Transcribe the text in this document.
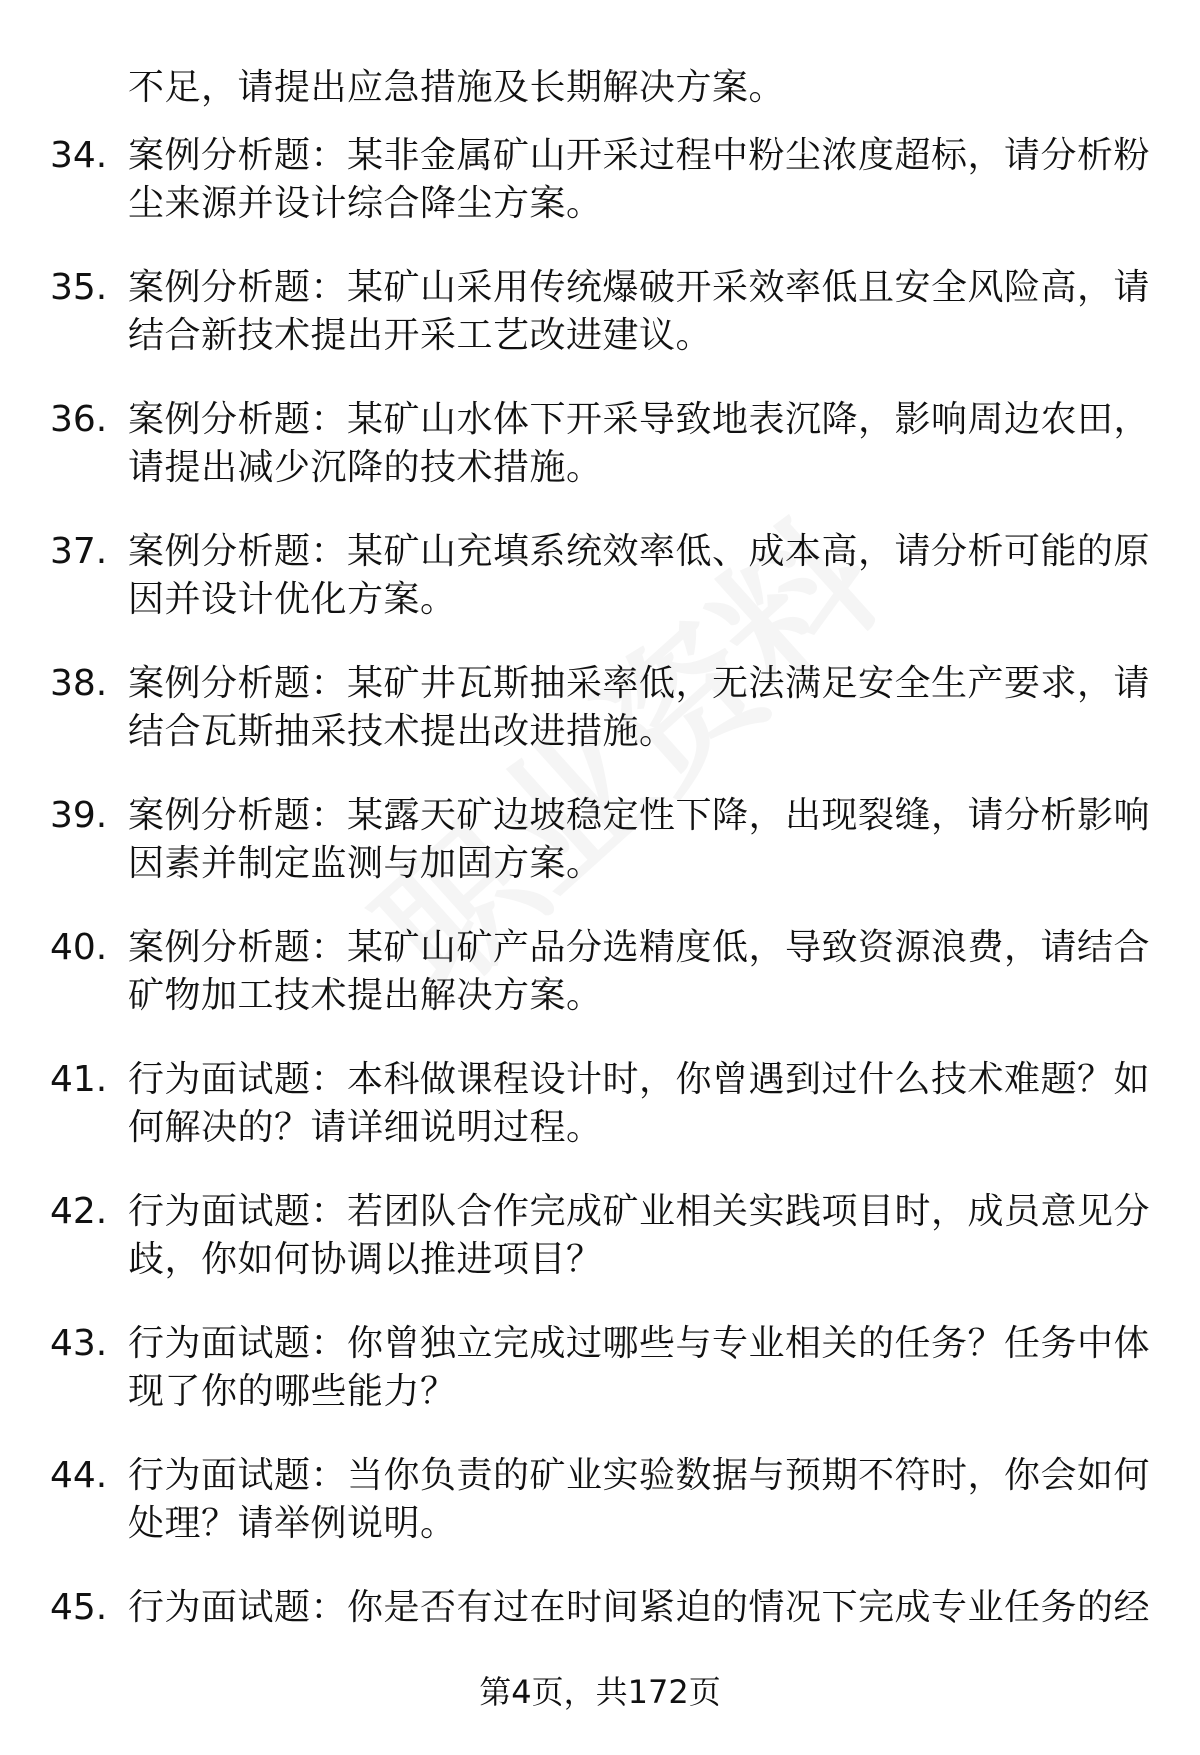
不足，请提出应急措施及长期解决方案。
34. 案例分析题：某非金属矿山开采过程中粉尘浓度超标，请分析粉
尘来源并设计综合降尘方案。
35. 案例分析题：某矿山采用传统爆破开采效率低且安全风险高，请
结合新技术提出开采工艺改进建议。
36. 案例分析题：某矿山水体下开采导致地表沉降，影响周边农田，
请提出减少沉降的技术措施。
37. 案例分析题：某矿山充填系统效率低、成本高，请分析可能的原
因并设计优化方案。
38. 案例分析题：某矿井瓦斯抽采率低，无法满足安全生产要求，请
结合瓦斯抽采技术提出改进措施。
39. 案例分析题：某露天矿边坡稳定性下降，出现裂缝，请分析影响
因素并制定监测与加固方案。
40. 案例分析题：某矿山矿产品分选精度低，导致资源浪费，请结合
矿物加工技术提出解决方案。
41. 行为面试题：本科做课程设计时，你曾遇到过什么技术难题？如
何解决的？请详细说明过程。
42. 行为面试题：若团队合作完成矿业相关实践项目时，成员意见分
歧，你如何协调以推进项目？
43. 行为面试题：你曾独立完成过哪些与专业相关的任务？任务中体
现了你的哪些能力？
44. 行为面试题：当你负责的矿业实验数据与预期不符时，你会如何
处理？请举例说明。
45. 行为面试题：你是否有过在时间紧迫的情况下完成专业任务的经
第4页，共172页
